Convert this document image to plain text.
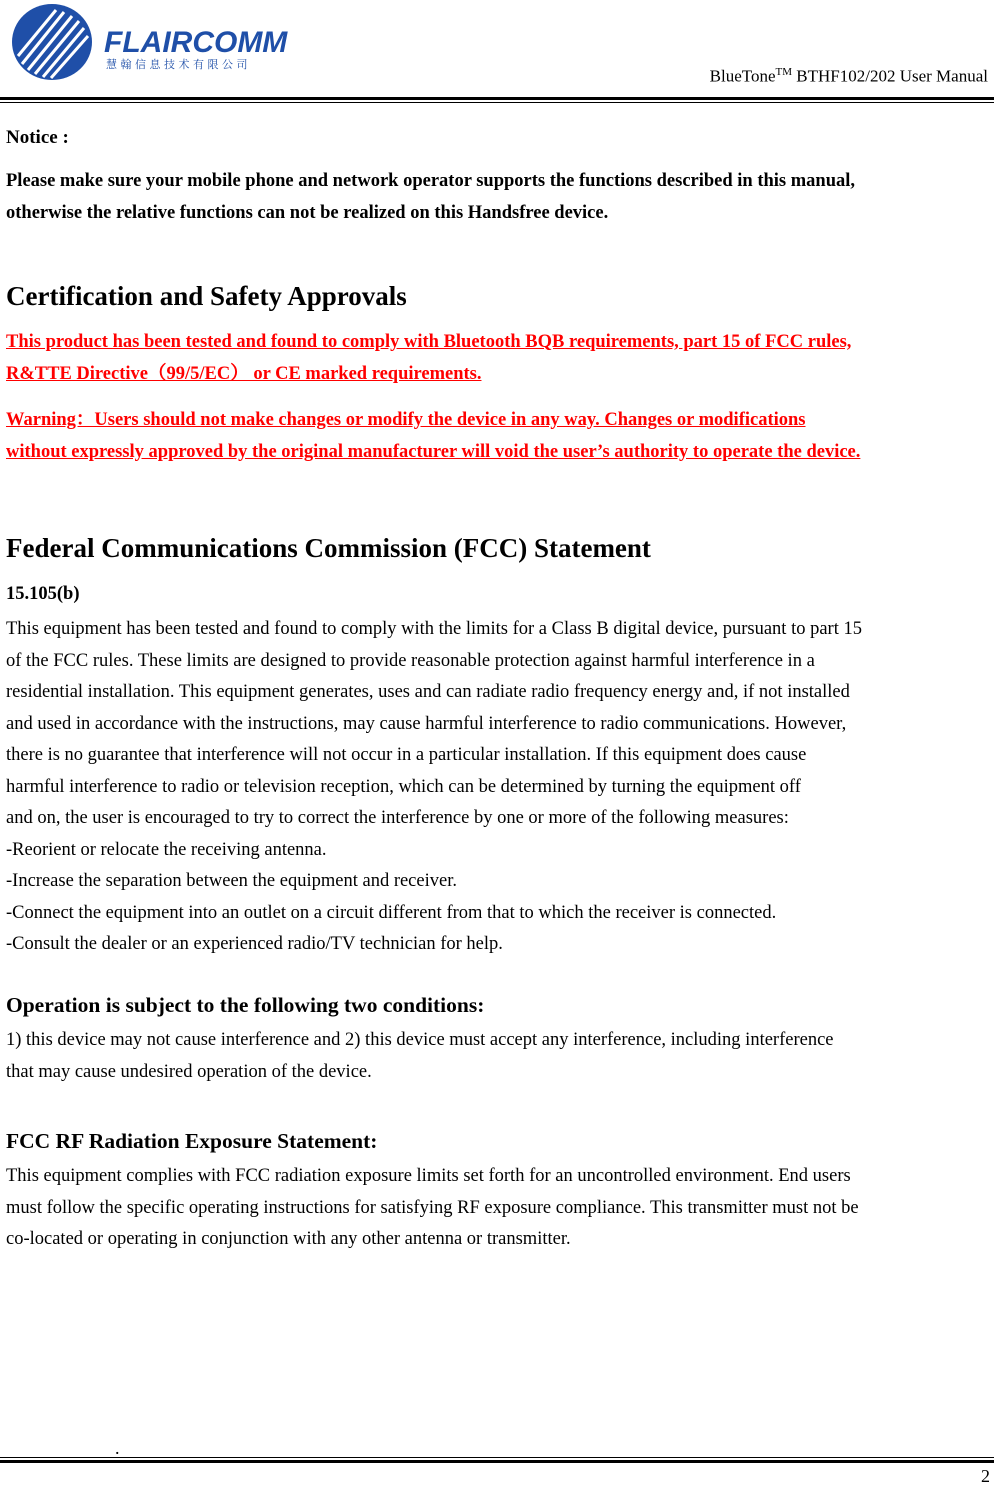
FLAIRCOMM
慧 翰 信 息 技 术 有 限 公 司
BlueTone™ BTHF102/202 User Manual
Notice :
Please make sure your mobile phone and network operator supports the functions described in this manual,
otherwise the relative functions can not be realized on this Handsfree device.
Certification and Safety Approvals
This product has been tested and found to comply with Bluetooth BQB requirements, part 15 of FCC rules,
R&TTE Directive（99/5/EC） or CE marked requirements.
Warning：Users should not make changes or modify the device in any way. Changes or modifications
without expressly approved by the original manufacturer will void the user’s authority to operate the device.
Federal Communications Commission (FCC) Statement
15.105(b)
This equipment has been tested and found to comply with the limits for a Class B digital device, pursuant to part 15
of the FCC rules. These limits are designed to provide reasonable protection against harmful interference in a
residential installation. This equipment generates, uses and can radiate radio frequency energy and, if not installed
and used in accordance with the instructions, may cause harmful interference to radio communications. However,
there is no guarantee that interference will not occur in a particular installation. If this equipment does cause
harmful interference to radio or television reception, which can be determined by turning the equipment off
and on, the user is encouraged to try to correct the interference by one or more of the following measures:
-Reorient or relocate the receiving antenna.
-Increase the separation between the equipment and receiver.
-Connect the equipment into an outlet on a circuit different from that to which the receiver is connected.
-Consult the dealer or an experienced radio/TV technician for help.
Operation is subject to the following two conditions:
1) this device may not cause interference and 2) this device must accept any interference, including interference
that may cause undesired operation of the device.
FCC RF Radiation Exposure Statement:
This equipment complies with FCC radiation exposure limits set forth for an uncontrolled environment. End users
must follow the specific operating instructions for satisfying RF exposure compliance. This transmitter must not be
co-located or operating in conjunction with any other antenna or transmitter.
.
2
